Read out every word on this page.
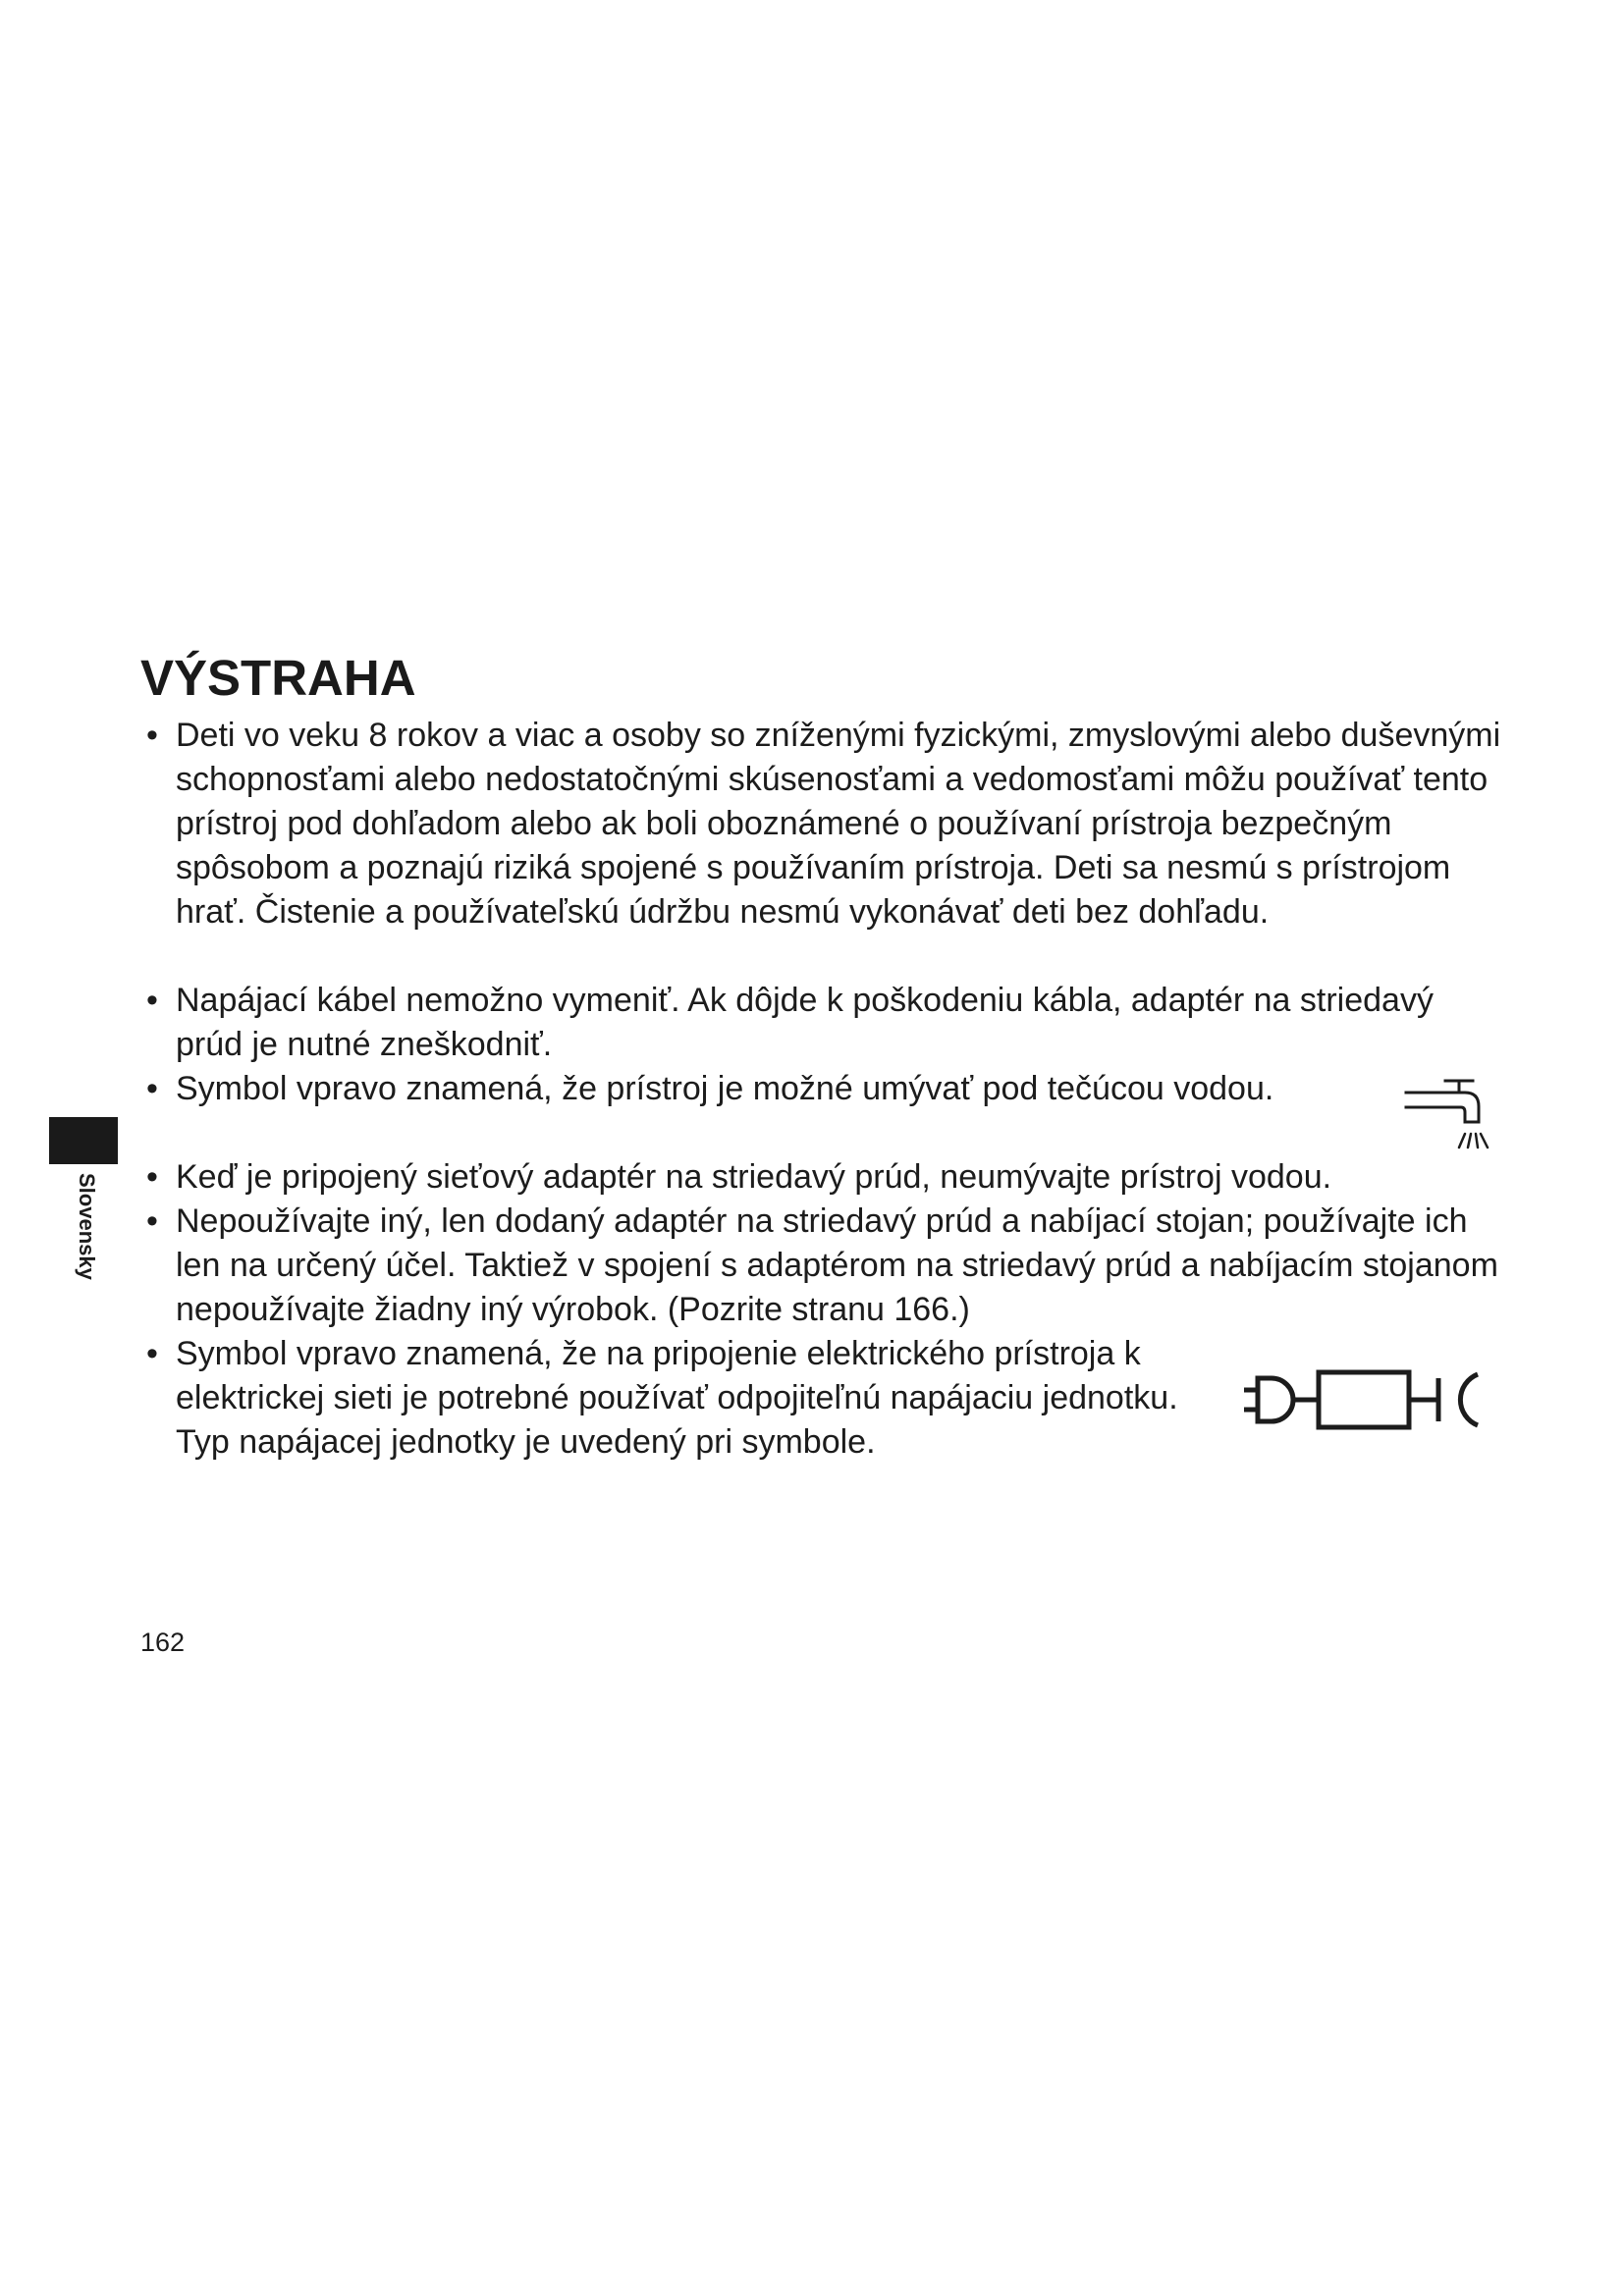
VÝSTRAHA
• Deti vo veku 8 rokov a viac a osoby so zníženými fyzickými, zmyslovými alebo duševnými schopnosťami alebo nedostatočnými skúsenosťami a vedomosťami môžu používať tento prístroj pod dohľadom alebo ak boli oboznámené o používaní prístroja bezpečným spôsobom a poznajú riziká spojené s používaním prístroja. Deti sa nesmú s prístrojom hrať. Čistenie a používateľskú údržbu nesmú vykonávať deti bez dohľadu.
• Napájací kábel nemožno vymeniť. Ak dôjde k poškodeniu kábla, adaptér na striedavý prúd je nutné zneškodniť.
• Symbol vpravo znamená, že prístroj je možné umývať pod tečúcou vodou.
• Keď je pripojený sieťový adaptér na striedavý prúd, neumývajte prístroj vodou.
• Nepoužívajte iný, len dodaný adaptér na striedavý prúd a nabíjací stojan; používajte ich len na určený účel. Taktiež v spojení s adaptérom na striedavý prúd a nabíjacím stojanom nepoužívajte žiadny iný výrobok. (Pozrite stranu 166.)
• Symbol vpravo znamená, že na pripojenie elektrického prístroja k elektrickej sieti je potrebné používať odpojiteľnú napájaciu jednotku. Typ napájacej jednotky je uvedený pri symbole.
Slovensky
162
